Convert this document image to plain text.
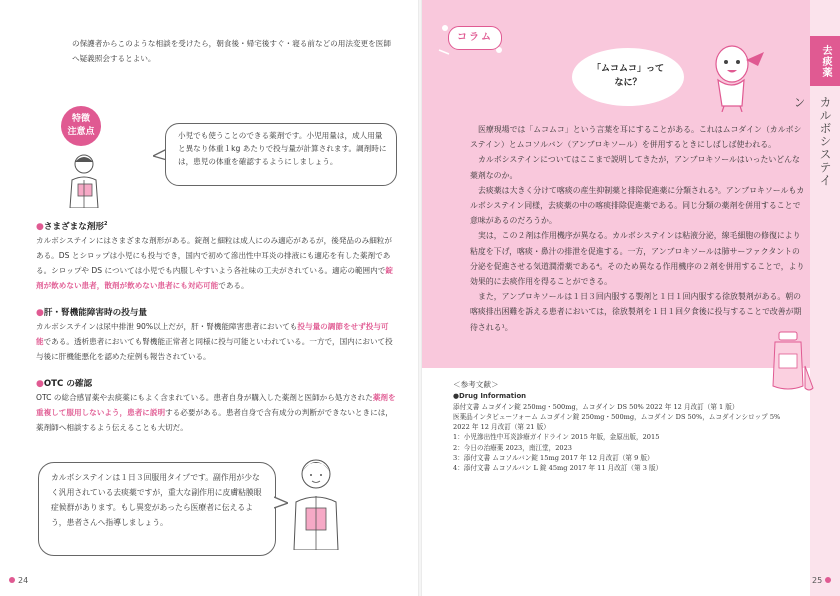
の保護者からこのような相談を受けたら，朝食後・帰宅後すぐ・寝る前などの用法変更を医師へ疑義照会するとよい。
特徴
注意点	小児でも使うことのできる薬剤です。小児用量は，成人用量と異なり体重１kg あたりで投与量が計算されます。調剤時には，患児の体重を確認するようにしましょう。
●さまざまな剤形$^2$
カルボシステインにはさまざまな剤形がある。錠剤と細粒は成人にのみ適応があるが，後発品のみ細粒がある。DS とシロップは小児にも投与でき，国内で初めて滲出性中耳炎の排液にも適応を有した薬剤である。シロップや DS については小児でも内服しやすいよう各社味の工夫がされている。適応の範囲内で錠剤が飲めない患者，散剤が飲めない患者にも対応可能である。
●肝・腎機能障害時の投与量
カルボシステインは尿中排泄 90%以上だが，肝・腎機能障害患者においても投与量の調節をせず投与可能である。透析患者においても腎機能正常者と同様に投与可能といわれている。一方で，国内において投与後に肝機能悪化を認めた症例も報告されている。
●OTC の確認
OTC の総合感冒薬や去痰薬にもよく含まれている。患者自身が購入した薬剤と医師から処方された薬剤を重複して服用しないよう，患者に説明する必要がある。患者自身で含有成分の判断ができないときには，薬剤師へ相談するよう伝えることも大切だ。
カルボシステインは１日３回服用タイプです。副作用が少なく汎用されている去痰薬ですが，重大な副作用に皮膚粘膜眼症候群があります。もし異変があったら医療者に伝えるよう，患者さんへ指導しましょう。
24
去痰薬
カルボシステイン
25
コラム
「ムコムコ」って
なに？

医療現場では「ムコムコ」という言葉を耳にすることがある。これはムコダイン（カルボシステイン）とムコソルバン（アンブロキソール）を併用するときにしばしば使われる。

カルボシステインについてはここまで説明してきたが，アンブロキソールはいったいどんな薬剤なのか。

去痰薬は大きく分けて喀痰の産生抑制薬と排除促進薬に分類される³。アンブロキソールもカルボシステイン同様，去痰薬の中の喀痰排除促進薬である。同じ分類の薬剤を併用することで意味があるのだろうか。

実は，この２剤は作用機序が異なる。カルボシステインは粘液分泌，線毛細胞の修復により粘度を下げ，喀痰・鼻汁の排泄を促進する。一方，アンブロキソールは肺サーファクタントの分泌を促進させる気道潤滑薬である⁴。そのため異なる作用機序の２剤を併用することで，より効果的に去痰作用を得ることができる。

また，アンブロキソールは１日３回内服する製剤と１日１回内服する徐放製剤がある。朝の喀痰排出困難を訴える患者においては，徐放製剤を１日１回夕食後に投与することで改善が期待される¹。

＜参考文献＞
●Drug Information
添付文書 ムコダイン錠 250mg・500mg，ムコダイン DS 50% 2022 年 12 月改訂（第 1 版）
医薬品インタビューフォーム ムコダイン錠 250mg・500mg，ムコダイン DS 50%，ムコダインシロップ 5%
2022 年 12 月改訂（第 21 版）
1：小児滲出性中耳炎診療ガイドライン 2015 年版，金原出版，2015
2：今日の治療薬 2023，南江堂，2023
3：添付文書 ムコソルバン錠 15mg 2017 年 12 月改訂（第 9 版）
4：添付文書 ムコソルバン L 錠 45mg 2017 年 11 月改訂（第 3 版）
